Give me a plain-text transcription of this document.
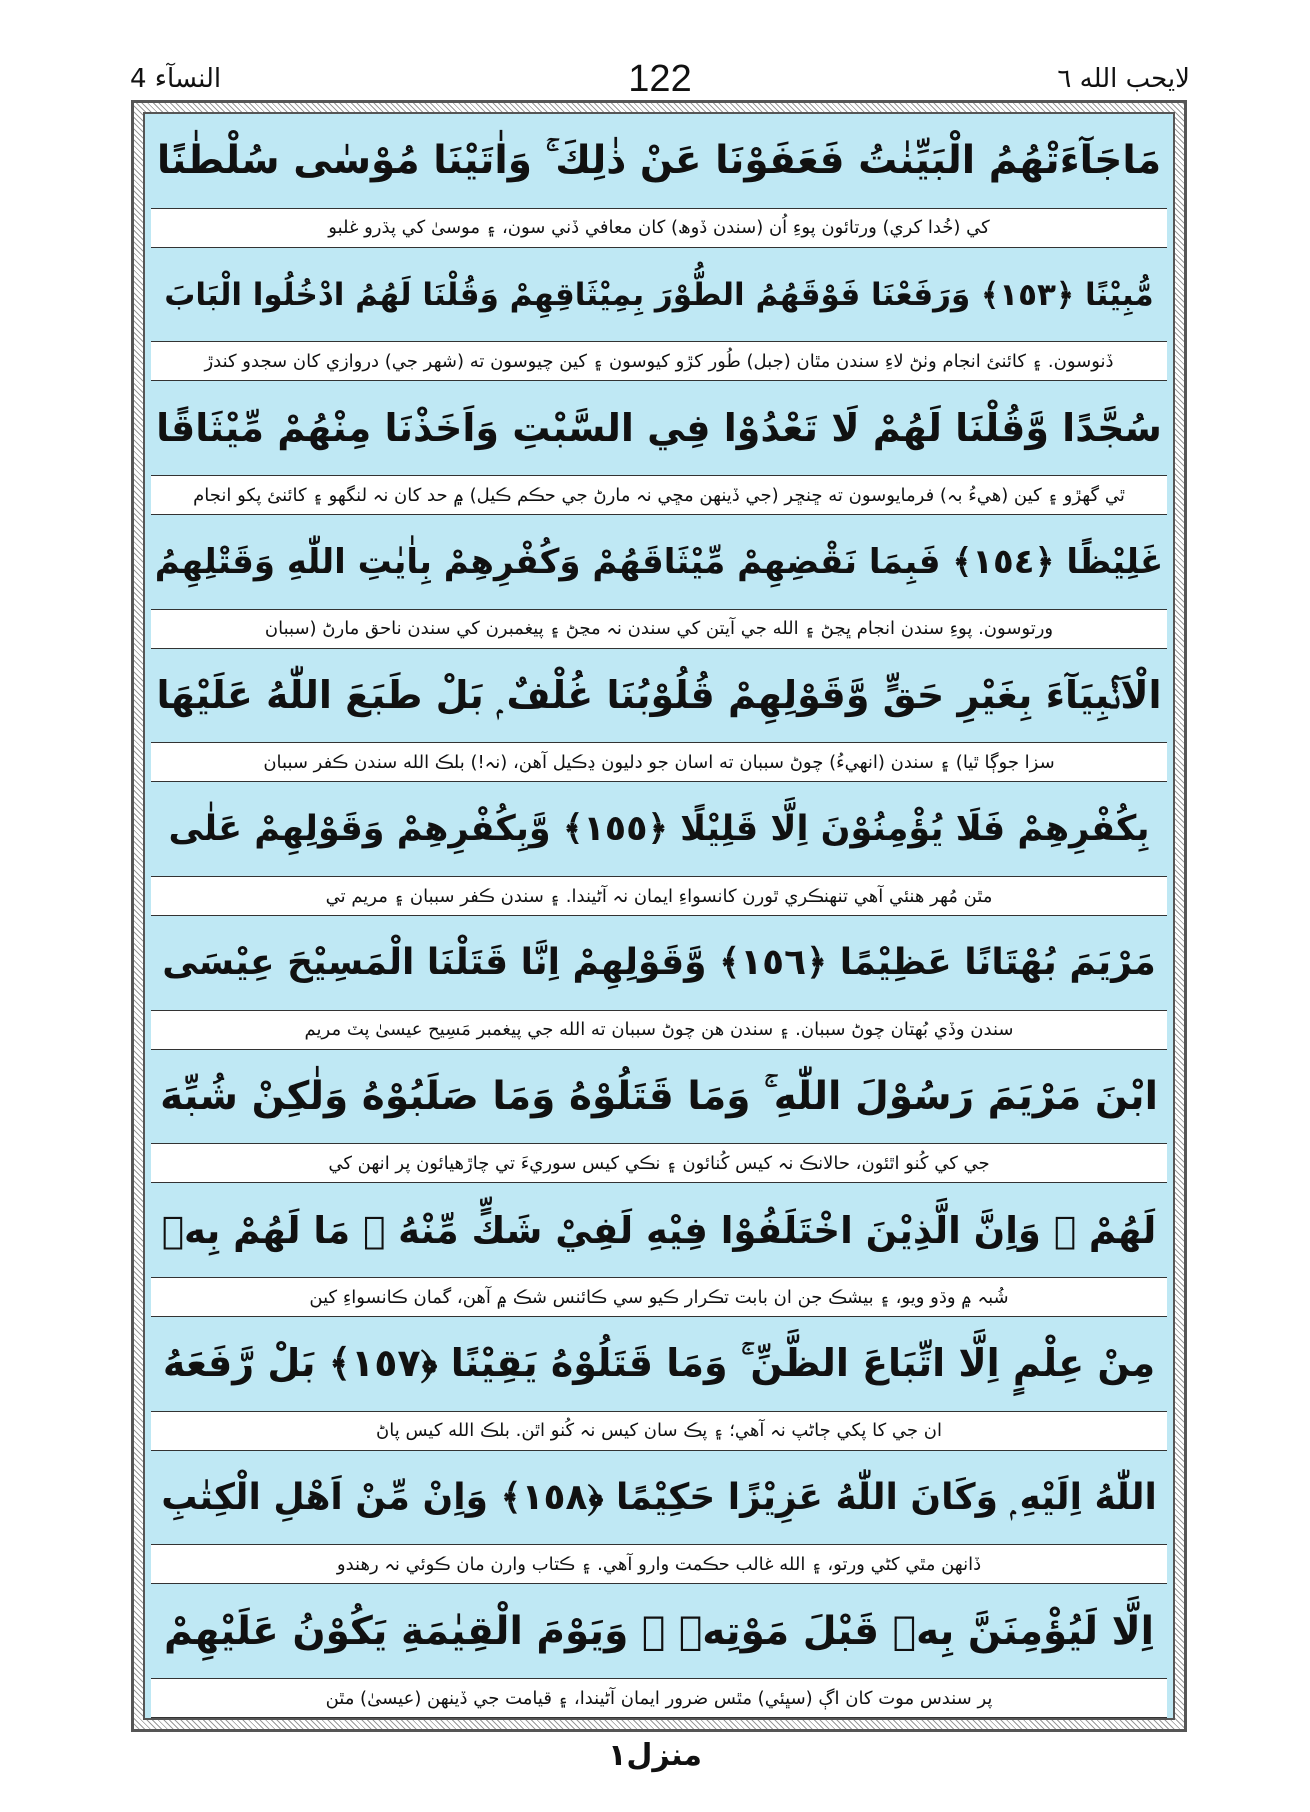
لايحب الله ٦
122
النسآء 4
مَاجَآءَتْهُمُ الْبَيِّنٰتُ فَعَفَوْنَا عَنْ ذٰلِكَ ۚ وَاٰتَيْنَا مُوْسٰى سُلْطٰنًا
کي (خُدا کري) ورتائون پوءِ اُن (سندن ڏوھ) کان معافي ڏني سون، ۽ موسىٰ کي پڌرو غلبو
مُّبِيْنًا ﴿١٥٣﴾ وَرَفَعْنَا فَوْقَهُمُ الطُّوْرَ بِمِيْثَاقِهِمْ وَقُلْنَا لَهُمُ ادْخُلُوا الْبَابَ
ڏنوسون. ۽ کائنئ انجام وٺڻ لاءِ سندن مٿان (جبل) طُور کڙو کيوسون ۽ کين چيوسون ته (شھر جي) دروازي کان سجدو کندڙ
سُجَّدًا وَّقُلْنَا لَهُمْ لَا تَعْدُوْا فِي السَّبْتِ وَاَخَذْنَا مِنْهُمْ مِّيْثَاقًا
ٿي گھڙو ۽ کين (ھيءُ بہ) فرمايوسون ته ڇنڇر (جي ڏينھن مڇي نہ مارڻ جي حڪم ڪيل) ۾ حد کان نہ لنگھو ۽ کائنئ پکو انجام
غَلِيْظًا ﴿١٥٤﴾ فَبِمَا نَقْضِهِمْ مِّيْثَاقَهُمْ وَكُفْرِهِمْ بِاٰيٰتِ اللّٰهِ وَقَتْلِهِمُ
ورتوسون. پوءِ سندن انجام ڀڃڻ ۽ الله جي آيتن کي سندن نہ مڃڻ ۽ پيغمبرن کي سندن ناحق مارڻ (سببان
الْاَنْۢبِيَآءَ بِغَيْرِ حَقٍّ وَّقَوْلِهِمْ قُلُوْبُنَا غُلْفٌ ۭ بَلْ طَبَعَ اللّٰهُ عَلَيْهَا
سزا جوڳا ٿيا) ۽ سندن (انھيءُ) چوڻ سببان ته اسان جو دليون ڍڪيل آھن، (نہ!) بلڪ الله سندن ڪفر سببان
بِكُفْرِهِمْ فَلَا يُؤْمِنُوْنَ اِلَّا قَلِيْلًا ﴿١٥٥﴾ وَّبِكُفْرِهِمْ وَقَوْلِهِمْ عَلٰى
مٿن مُھر ھنئي آھي تنھنڪري ٿورن کانسواءِ ايمان نہ آڻيندا. ۽ سندن ڪفر سببان ۽ مريم تي
مَرْيَمَ بُهْتَانًا عَظِيْمًا ﴿١٥٦﴾ وَّقَوْلِهِمْ اِنَّا قَتَلْنَا الْمَسِيْحَ عِيْسَى
سندن وڏي بُھتان چوڻ سببان. ۽ سندن ھن چوڻ سببان ته الله جي پيغمبر مَسِيح عيسىٰ پٽ مريم
ابْنَ مَرْيَمَ رَسُوْلَ اللّٰهِ ۚ وَمَا قَتَلُوْهُ وَمَا صَلَبُوْهُ وَلٰكِنْ شُبِّهَ
جي کي کُنو اٿئون، حالانڪ نہ کيس کُنائون ۽ نڪي کيس سوريءَ تي چاڙھيائون پر انھن کي
لَهُمْ ۭ وَاِنَّ الَّذِيْنَ اخْتَلَفُوْا فِيْهِ لَفِيْ شَكٍّ مِّنْهُ ۭ مَا لَهُمْ بِهٖ
شُبہ ۾ وڌو ويو، ۽ بيشڪ جن ان بابت تڪرار ڪيو سي ڪائنس شڪ ۾ آھن، گمان ڪانسواءِ کين
مِنْ عِلْمٍ اِلَّا اتِّبَاعَ الظَّنِّ ۚ وَمَا قَتَلُوْهُ يَقِيْنًا ﴿١٥٧﴾ بَلْ رَّفَعَهُ
ان جي کا پکي ڄاڻپ نہ آھي؛ ۽ پڪ سان کيس نہ کُنو اٿن. بلڪ الله کيس پاڻ
اللّٰهُ اِلَيْهِ ۭ وَكَانَ اللّٰهُ عَزِيْزًا حَكِيْمًا ﴿١٥٨﴾ وَاِنْ مِّنْ اَهْلِ الْكِتٰبِ
ڏانھن مٿي کڻي ورتو، ۽ الله غالب حڪمت وارو آھي. ۽ ڪتاب وارن مان ڪوئي نہ رھندو
اِلَّا لَيُؤْمِنَنَّ بِهٖ قَبْلَ مَوْتِهٖ ۚ وَيَوْمَ الْقِيٰمَةِ يَكُوْنُ عَلَيْهِمْ
پر سندس موت کان اڳ (سڀئي) مٿس ضرور ايمان آڻيندا، ۽ قيامت جي ڏينھن (عيسىٰ) مٿن
منزل١
